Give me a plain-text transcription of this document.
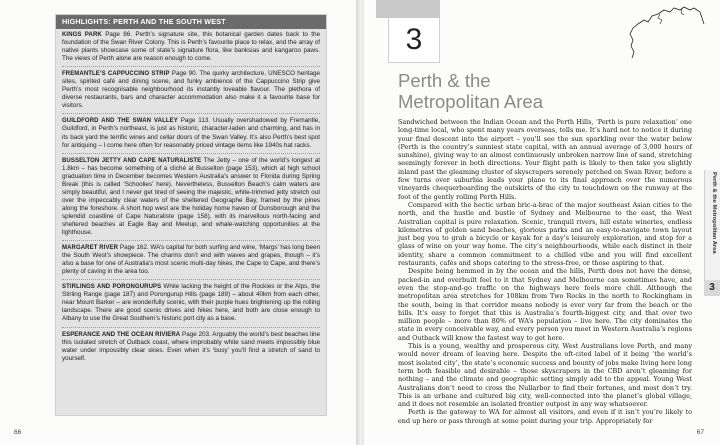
HIGHLIGHTS: PERTH AND THE SOUTH WEST

KINGS PARK Page 86. Perth’s signature site, this botanical garden dates back to the foundation of the Swan River Colony. This is Perth’s favourite place to relax, and the array of native plants showcase some of state’s signature flora, like banksias and kangaroo paws. The views of Perth alone are reason enough to come.

FREMANTLE’S CAPPUCCINO STRIP Page 90. The quirky architecture, UNESCO heritage sites, spirited café and dining scene, and funky ambience of the Cappuccino Strip give Perth’s most recognisable neighbourhood its instantly loveable flavour. The plethora of diverse restaurants, bars and character accommodation also make it a favourite base for visitors.

GUILDFORD AND THE SWAN VALLEY Page 113. Usually overshadowed by Fremantle, Guildford, in Perth’s northeast, is just as historic, character-laden and charming, and has in its back yard the terrific wines and cellar doors of the Swan Valley. It’s also Perth’s best spot for antiquing – I come here often for reasonably priced vintage items like 1940s hat racks.

BUSSELTON JETTY AND CAPE NATURALISTE The Jetty – one of the world’s longest at 1.8km – has become something of a cliché at Busselton (page 153), which at high school graduation time in December becomes Western Australia’s answer to Florida during Spring Break (this is called ‘Schoolies’ here). Nevertheless, Busselton Beach’s calm waters are simply beautiful, and I never get tired of seeing the majestic, white-trimmed jetty stretch out over the impeccably clear waters of the sheltered Geographe Bay, framed by the pines along the foreshore. A short hop west are the holiday home haven of Dunsborough and the splendid coastline of Cape Naturaliste (page 158), with its marvellous north-facing and sheltered beaches at Eagle Bay and Meelup, and whale-watching opportunities at the lighthouse.

MARGARET RIVER Page 162. WA’s capital for both surfing and wine, ‘Margs’ has long been the South West’s showpiece. The charms don’t end with waves and grapes, though – it’s also a base for one of Australia’s most scenic multi-day hikes, the Cape to Cape, and there’s plenty of caving in the area too.

STIRLINGS AND PORONGURUPS While lacking the height of the Rockies or the Alps, the Stirling Range (page 187) and Porongurup Hills (page 189) – about 40km from each other, near Mount Barker – are wonderfully scenic, with their purple hues brightening up the rolling landscape. There are good scenic drives and hikes here, and both are close enough to Albany to use the Great Southern’s historic port city as a base.

ESPERANCE AND THE OCEAN RIVIERA Page 203. Arguably the world’s best beaches line this isolated stretch of Outback coast, where improbably white sand meets impossibly blue water under impossibly clear skies. Even when it’s ‘busy’ you’ll find a stretch of sand to yourself.

66
3
Perth & the
Metropolitan Area

Sandwiched between the Indian Ocean and the Perth Hills, ‘Perth is pure relaxation’ one long-time local, who spent many years overseas, tells me. It’s hard not to notice it during your final descent into the airport – you’ll see the sun sparkling over the water below (Perth is the country’s sunniest state capital, with an annual average of 3,000 hours of sunshine), giving way to an almost continuously unbroken narrow line of sand, stretching seemingly forever in both directions. Your flight path is likely to then take you slightly inland past the gleaming cluster of skyscrapers serenely perched on Swan River, before a few turns over suburbia leads your plane to its final approach over the numerous vineyards chequerboarding the outskirts of the city to touchdown on the runway at the foot of the gently rolling Perth Hills.

Compared with the hectic urban bric-a-brac of the major southeast Asian cities to the north, and the hustle and bustle of Sydney and Melbourne to the east, the West Australian capital is pure relaxation. Scenic, tranquil rivers, hill estate wineries, endless kilometres of golden sand beaches, glorious parks and an easy-to-navigate town layout just beg you to grab a bicycle or kayak for a day’s leisurely exploration, and stop for a glass of wine on your way home. The city’s neighbourhoods, while each distinct in their identity, share a common commitment to a chilled vibe and you will find excellent restaurants, cafés and shops catering to the stress-free, or those aspiring to that.

Despite being hemmed in by the ocean and the hills, Perth does not have the dense, packed-in and overbuilt feel to it that Sydney and Melbourne can sometimes have, and even the stop-and-go traffic on the highways here feels more chill. Although the metropolitan area stretches for 108km from Two Rocks in the north to Rockingham in the south, being in that corridor means nobody is ever very far from the beach or the hills. It’s easy to forget that this is Australia’s fourth-biggest city, and that over two million people – more than 80% of WA’s population – live here. The city dominates the state in every conceivable way, and every person you meet in Western Australia’s regions and Outback will know the fastest way to get here.

This is a young, wealthy and prosperous city. West Australians love Perth, and many would never dream of leaving here. Despite the oft-cited label of it being ‘the world’s most isolated city’, the state’s economic success and bounty of jobs make living here long term both feasible and desirable – those skyscrapers in the CBD aren’t gleaming for nothing – and the climate and geographic setting simply add to the appeal. Young West Australians don’t need to cross the Nullarbor to find their fortunes, and most don’t try. This is an urbane and cultured big city, well-connected into the planet’s global village, and it does not resemble an isolated frontier outpost in any way whatsoever.

Perth is the gateway to WA for almost all visitors, and even if it isn’t you’re likely to end up here or pass through at some point during your trip. Appropriately for

Perth & the Metropolitan Area
3
67
